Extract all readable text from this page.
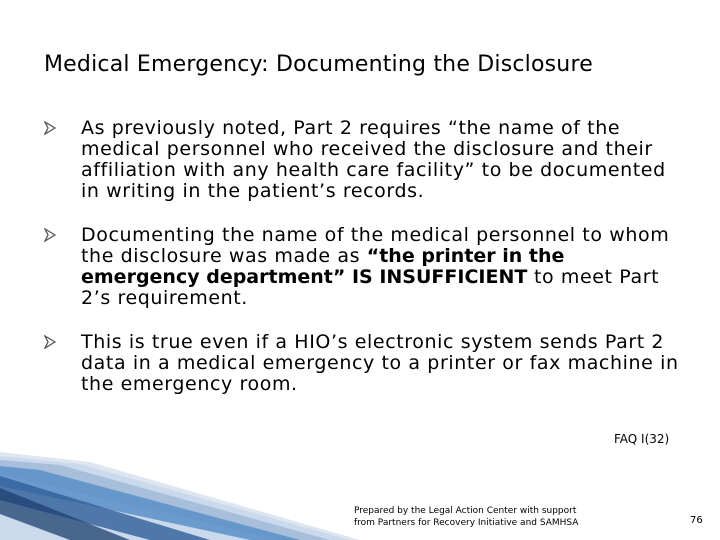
Medical Emergency: Documenting the Disclosure
As previously noted, Part 2 requires “the name of the medical personnel who received the disclosure and their affiliation with any health care facility” to be documented in writing in the patient’s records.
Documenting the name of the medical personnel to whom the disclosure was made as “the printer in the emergency department” IS INSUFFICIENT to meet Part 2’s requirement.
This is true even if a HIO’s electronic system sends Part 2 data in a medical emergency to a printer or fax machine in the emergency room.
FAQ I(32)
Prepared by the Legal Action Center with support
from Partners for Recovery Initiative and SAMHSA	76
